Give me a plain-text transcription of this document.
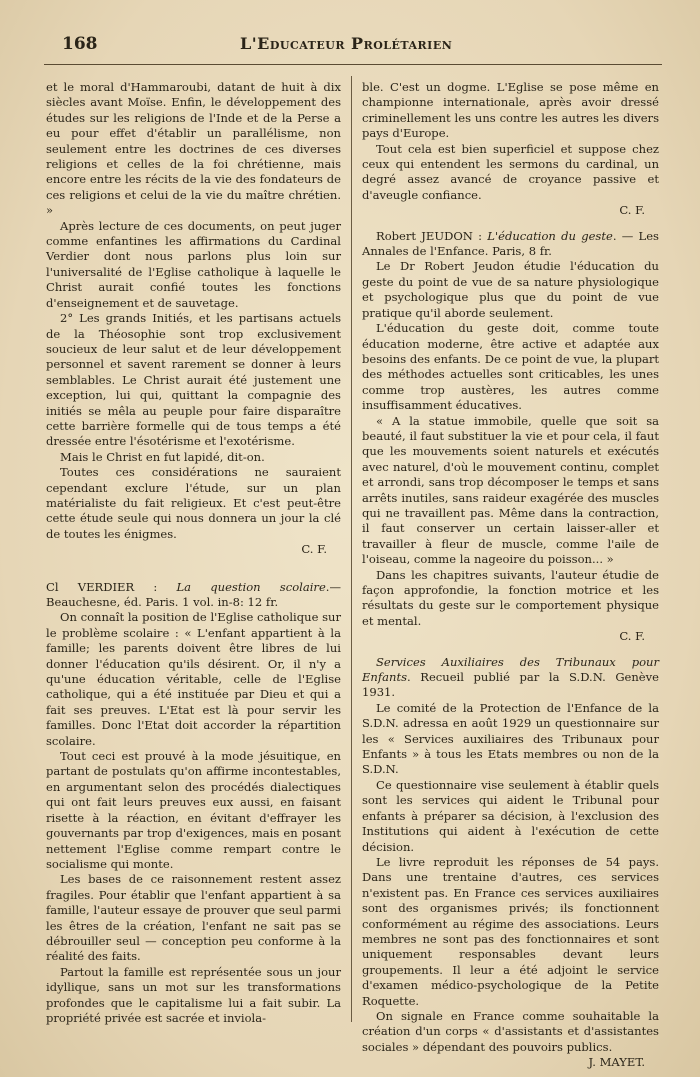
168	L'Educateur Prolétarien

et le moral d'Hammaroubi, datant de huit à dix siècles avant Moïse. Enfin, le développement des études sur les religions de l'Inde et de la Perse a eu pour effet d'établir un parallélisme, non seulement entre les doctrines de ces diverses religions et celles de la foi chrétienne, mais encore entre les récits de la vie des fondateurs de ces religions et celui de la vie du maître chrétien. »

Après lecture de ces documents, on peut juger comme enfantines les affirmations du Cardinal Verdier dont nous parlons plus loin sur l'universalité de l'Eglise catholique à laquelle le Christ aurait confié toutes les fonctions d'enseignement et de sauvetage.

2° Les grands Initiés, et les partisans actuels de la Théosophie sont trop exclusivement soucieux de leur salut et de leur développement personnel et savent rarement se donner à leurs semblables. Le Christ aurait été justement une exception, lui qui, quittant la compagnie des initiés se mêla au peuple pour faire disparaître cette barrière formelle qui de tous temps a été dressée entre l'ésotérisme et l'exotérisme.

Mais le Christ en fut lapidé, dit-on.

Toutes ces considérations ne sauraient cependant exclure l'étude, sur un plan matérialiste du fait religieux. Et c'est peut-être cette étude seule qui nous donnera un jour la clé de toutes les énigmes.

C. F.

Cl VERDIER : La question scolaire.— Beauchesne, éd. Paris. 1 vol. in-8: 12 fr.

On connaît la position de l'Eglise catholique sur le problème scolaire : « L'enfant appartient à la famille; les parents doivent être libres de lui donner l'éducation qu'ils désirent. Or, il n'y a qu'une éducation véritable, celle de l'Eglise catholique, qui a été instituée par Dieu et qui a fait ses preuves. L'Etat est là pour servir les familles. Donc l'Etat doit accorder la répartition scolaire.

Tout ceci est prouvé à la mode jésuitique, en partant de postulats qu'on affirme incontestables, en argumentant selon des procédés dialectiques qui ont fait leurs preuves eux aussi, en faisant risette à la réaction, en évitant d'effrayer les gouvernants par trop d'exigences, mais en posant nettement l'Eglise comme rempart contre le socialisme qui monte.

Les bases de ce raisonnement restent assez fragiles. Pour établir que l'enfant appartient à sa famille, l'auteur essaye de prouver que seul parmi les êtres de la création, l'enfant ne sait pas se débrouiller seul — conception peu conforme à la réalité des faits.

Partout la famille est représentée sous un jour idyllique, sans un mot sur les transformations profondes que le capitalisme lui a fait subir. La propriété privée est sacrée et inviola-

ble. C'est un dogme. L'Eglise se pose même en championne internationale, après avoir dressé criminellement les uns contre les autres les divers pays d'Europe.

Tout cela est bien superficiel et suppose chez ceux qui entendent les sermons du cardinal, un degré assez avancé de croyance passive et d'aveugle confiance.

C. F.

Robert JEUDON : L'éducation du geste. — Les Annales de l'Enfance. Paris, 8 fr.

Le Dr Robert Jeudon étudie l'éducation du geste du point de vue de sa nature physiologique et psychologique plus que du point de vue pratique qu'il aborde seulement.

L'éducation du geste doit, comme toute éducation moderne, être active et adaptée aux besoins des enfants. De ce point de vue, la plupart des méthodes actuelles sont criticables, les unes comme trop austères, les autres comme insuffisamment éducatives.

« A la statue immobile, quelle que soit sa beauté, il faut substituer la vie et pour cela, il faut que les mouvements soient naturels et exécutés avec naturel, d'où le mouvement continu, complet et arrondi, sans trop décomposer le temps et sans arrêts inutiles, sans raideur exagérée des muscles qui ne travaillent pas. Même dans la contraction, il faut conserver un certain laisser-aller et travailler à fleur de muscle, comme l'aile de l'oiseau, comme la nageoire du poisson... »

Dans les chapitres suivants, l'auteur étudie de façon approfondie, la fonction motrice et les résultats du geste sur le comportement physique et mental.

C. F.

Services Auxiliaires des Tribunaux pour Enfants. Recueil publié par la S.D.N. Genève 1931.

Le comité de la Protection de l'Enfance de la S.D.N. adressa en août 1929 un questionnaire sur les « Services auxiliaires des Tribunaux pour Enfants » à tous les Etats membres ou non de la S.D.N.

Ce questionnaire vise seulement à établir quels sont les services qui aident le Tribunal pour enfants à préparer sa décision, à l'exclusion des Institutions qui aident à l'exécution de cette décision.

Le livre reproduit les réponses de 54 pays. Dans une trentaine d'autres, ces services n'existent pas. En France ces services auxiliaires sont des organismes privés; ils fonctionnent conformément au régime des associations. Leurs membres ne sont pas des fonctionnaires et sont uniquement responsables devant leurs groupements. Il leur a été adjoint le service d'examen médico-psychologique de la Petite Roquette.

On signale en France comme souhaitable la création d'un corps « d'assistants et d'assistantes sociales » dépendant des pouvoirs publics.

J. MAYET.
